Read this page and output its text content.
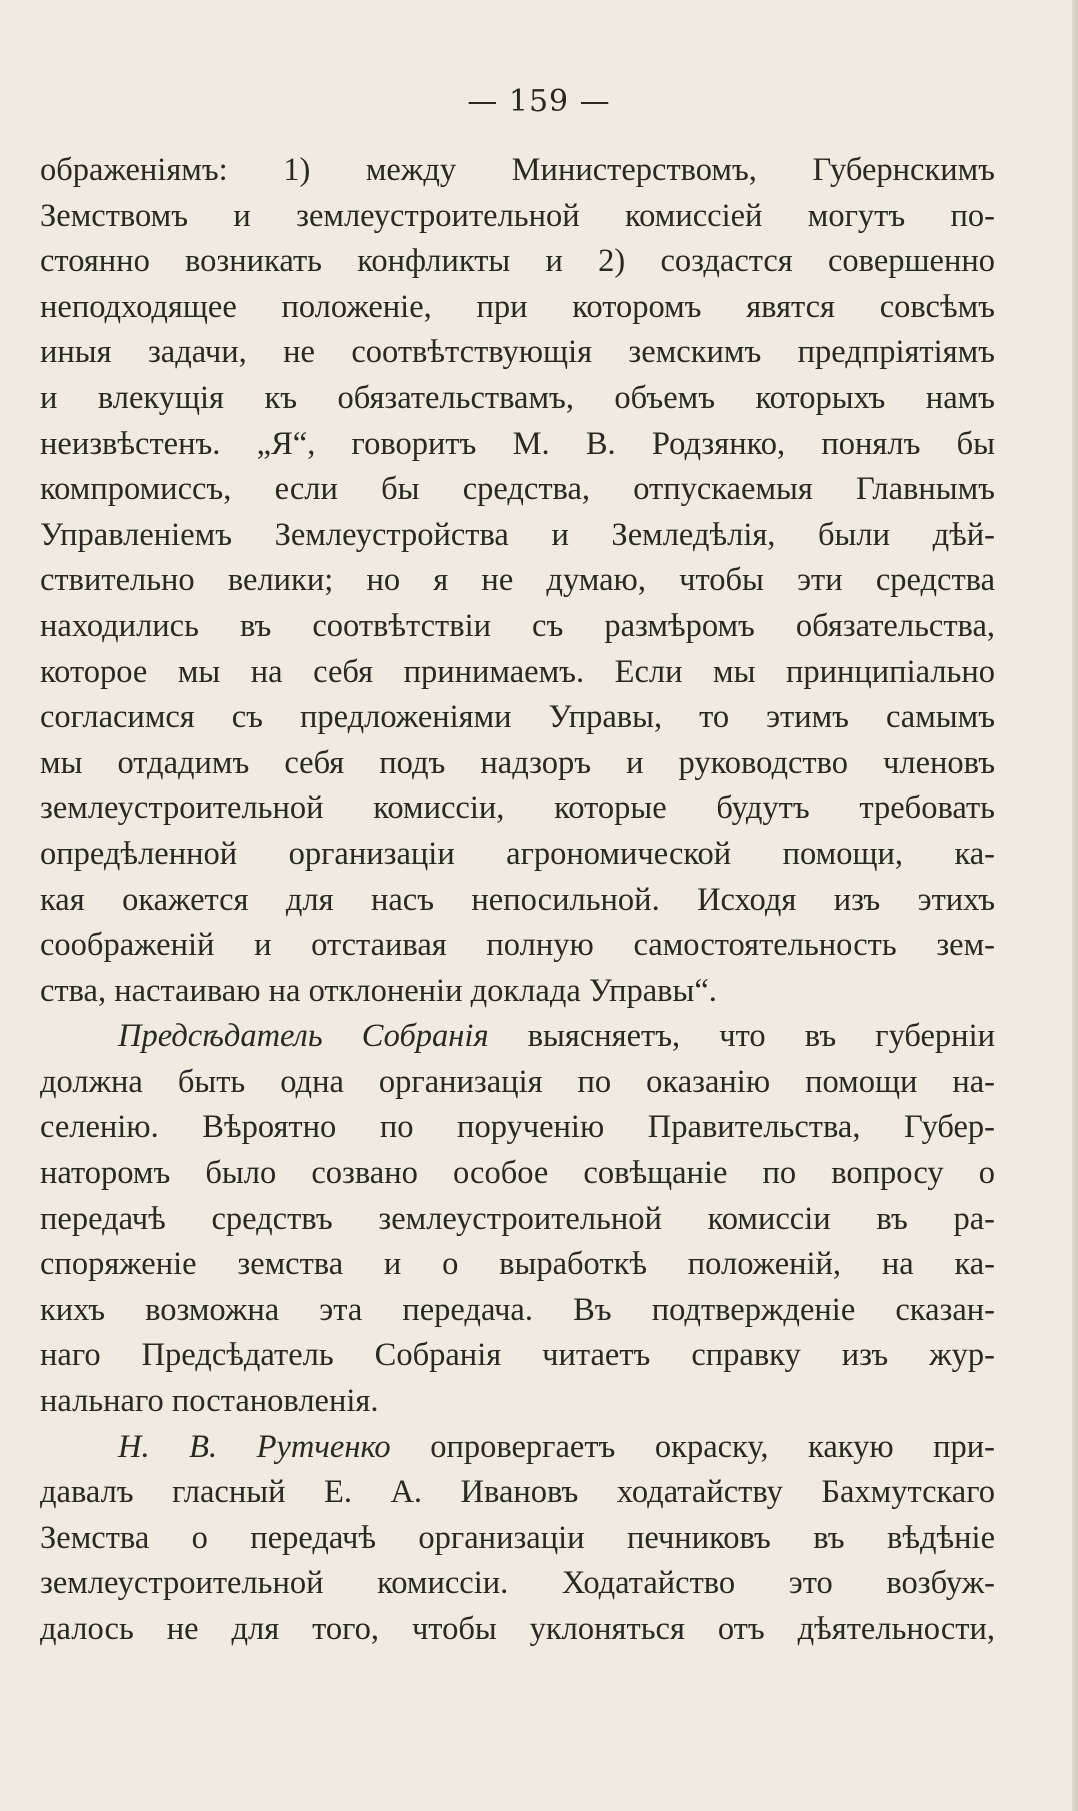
— 159 —
ображеніямъ: 1) между Министерствомъ, Губернскимъ
Земствомъ и землеустроительной комиссіей могутъ по-
стоянно возникать конфликты и 2) создастся совершенно
неподходящее положеніе, при которомъ явятся совсѣмъ
иныя задачи, не соотвѣтствующія земскимъ предпріятіямъ
и влекущія къ обязательствамъ, объемъ которыхъ намъ
неизвѣстенъ. „Я“, говоритъ М. В. Родзянко, понялъ бы
компромиссъ, если бы средства, отпускаемыя Главнымъ
Управленіемъ Землеустройства и Земледѣлія, были дѣй-
ствительно велики; но я не думаю, чтобы эти средства
находились въ соотвѣтствіи съ размѣромъ обязательства,
которое мы на себя принимаемъ. Если мы принципіально
согласимся съ предложеніями Управы, то этимъ самымъ
мы отдадимъ себя подъ надзоръ и руководство членовъ
землеустроительной комиссіи, которые будутъ требовать
опредѣленной организаціи агрономической помощи, ка-
кая окажется для насъ непосильной. Исходя изъ этихъ
соображеній и отстаивая полную самостоятельность зем-
ства, настаиваю на отклоненіи доклада Управы“.
Предсѣдатель Собранія выясняетъ, что въ губерніи
должна быть одна организація по оказанію помощи на-
селенію. Вѣроятно по порученію Правительства, Губер-
наторомъ было созвано особое совѣщаніе по вопросу о
передачѣ средствъ землеустроительной комиссіи въ ра-
споряженіе земства и о выработкѣ положеній, на ка-
кихъ возможна эта передача. Въ подтвержденіе сказан-
наго Предсѣдатель Собранія читаетъ справку изъ жур-
нальнаго постановленія.
Н. В. Рутченко опровергаетъ окраску, какую при-
давалъ гласный Е. А. Ивановъ ходатайству Бахмутскаго
Земства о передачѣ организаціи печниковъ въ вѣдѣніе
землеустроительной комиссіи. Ходатайство это возбуж-
далось не для того, чтобы уклоняться отъ дѣятельности,
